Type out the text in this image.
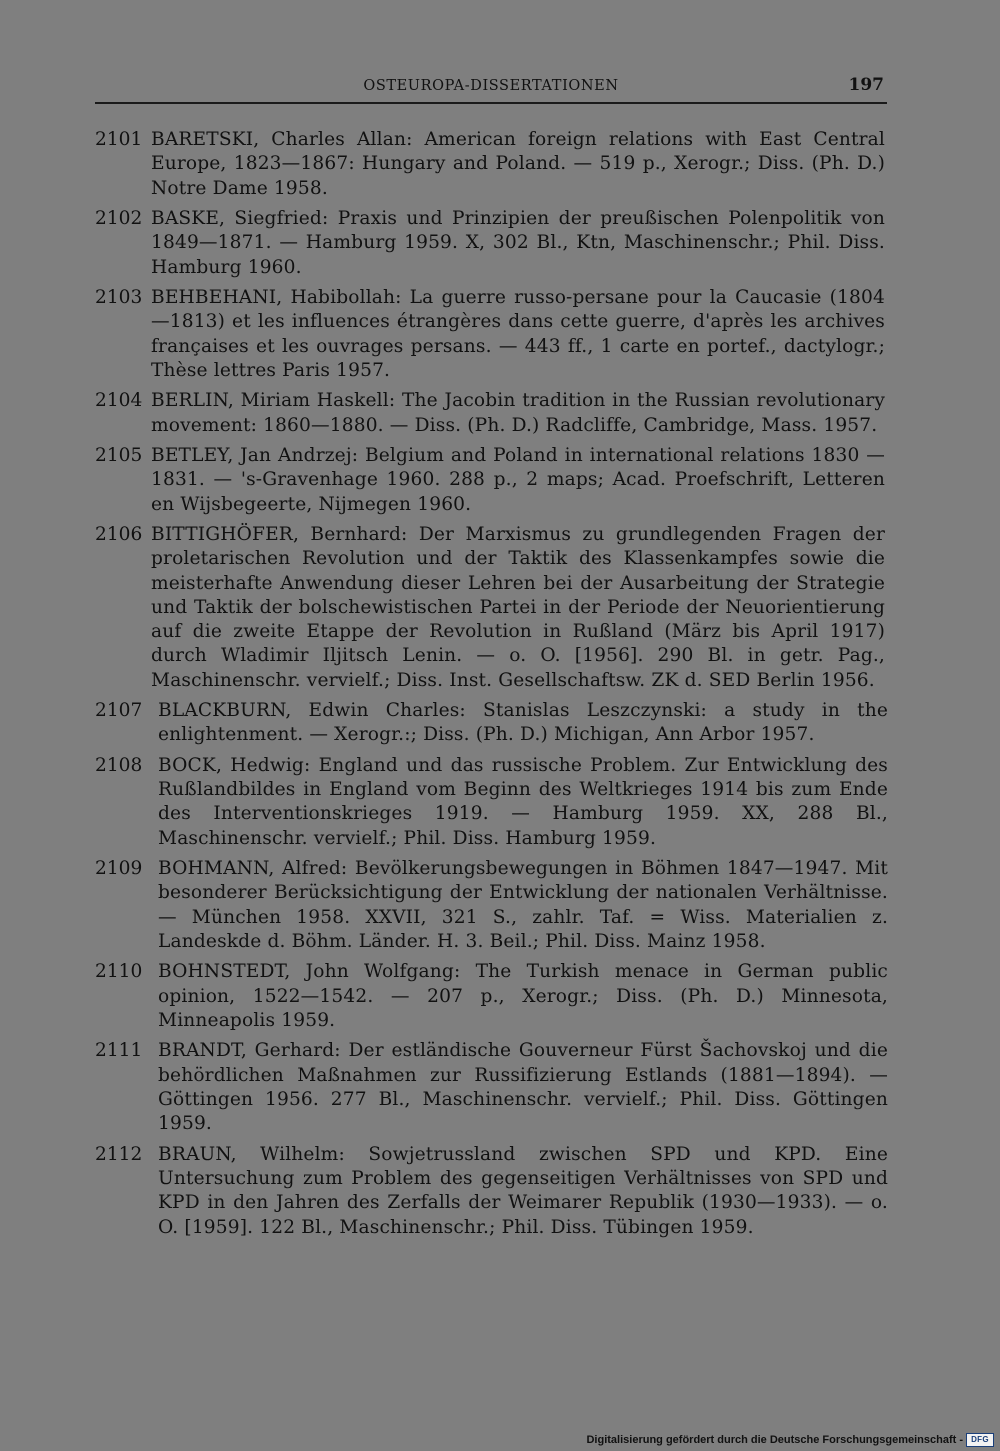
OSTEUROPA-DISSERTATIONEN	197
2101 BARETSKI, Charles Allan: American foreign relations with East Central Europe, 1823—1867: Hungary and Poland. — 519 p., Xerogr.; Diss. (Ph. D.) Notre Dame 1958.
2102 BASKE, Siegfried: Praxis und Prinzipien der preußischen Polenpolitik von 1849—1871. — Hamburg 1959. X, 302 Bl., Ktn, Maschinenschr.; Phil. Diss. Hamburg 1960.
2103 BEHBEHANI, Habibollah: La guerre russo-persane pour la Caucasie (1804—1813) et les influences étrangères dans cette guerre, d'après les archives françaises et les ouvrages persans. — 443 ff., 1 carte en portef., dactylogr.; Thèse lettres Paris 1957.
2104 BERLIN, Miriam Haskell: The Jacobin tradition in the Russian revolutionary movement: 1860—1880. — Diss. (Ph. D.) Radcliffe, Cambridge, Mass. 1957.
2105 BETLEY, Jan Andrzej: Belgium and Poland in international relations 1830 —1831. — 's-Gravenhage 1960. 288 p., 2 maps; Acad. Proefschrift, Letteren en Wijsbegeerte, Nijmegen 1960.
2106 BITTIGHÖFER, Bernhard: Der Marxismus zu grundlegenden Fragen der proletarischen Revolution und der Taktik des Klassenkampfes sowie die meisterhafte Anwendung dieser Lehren bei der Ausarbeitung der Strategie und Taktik der bolschewistischen Partei in der Periode der Neuorientierung auf die zweite Etappe der Revolution in Rußland (März bis April 1917) durch Wladimir Iljitsch Lenin. — o. O. [1956]. 290 Bl. in getr. Pag., Maschinenschr. vervielf.; Diss. Inst. Gesellschaftsw. ZK d. SED Berlin 1956.
2107 BLACKBURN, Edwin Charles: Stanislas Leszczynski: a study in the enlightenment. — Xerogr.:; Diss. (Ph. D.) Michigan, Ann Arbor 1957.
2108 BOCK, Hedwig: England und das russische Problem. Zur Entwicklung des Rußlandbildes in England vom Beginn des Weltkrieges 1914 bis zum Ende des Interventionskrieges 1919. — Hamburg 1959. XX, 288 Bl., Maschinenschr. vervielf.; Phil. Diss. Hamburg 1959.
2109 BOHMANN, Alfred: Bevölkerungsbewegungen in Böhmen 1847—1947. Mit besonderer Berücksichtigung der Entwicklung der nationalen Verhältnisse. — München 1958. XXVII, 321 S., zahlr. Taf. = Wiss. Materialien z. Landeskde d. Böhm. Länder. H. 3. Beil.; Phil. Diss. Mainz 1958.
2110 BOHNSTEDT, John Wolfgang: The Turkish menace in German public opinion, 1522—1542. — 207 p., Xerogr.; Diss. (Ph. D.) Minnesota, Minneapolis 1959.
2111 BRANDT, Gerhard: Der estländische Gouverneur Fürst Šachovskoj und die behördlichen Maßnahmen zur Russifizierung Estlands (1881—1894). — Göttingen 1956. 277 Bl., Maschinenschr. vervielf.; Phil. Diss. Göttingen 1959.
2112 BRAUN, Wilhelm: Sowjetrussland zwischen SPD und KPD. Eine Untersuchung zum Problem des gegenseitigen Verhältnisses von SPD und KPD in den Jahren des Zerfalls der Weimarer Republik (1930—1933). — o. O. [1959]. 122 Bl., Maschinenschr.; Phil. Diss. Tübingen 1959.
Digitalisierung gefördert durch die Deutsche Forschungsgemeinschaft -	DFG
